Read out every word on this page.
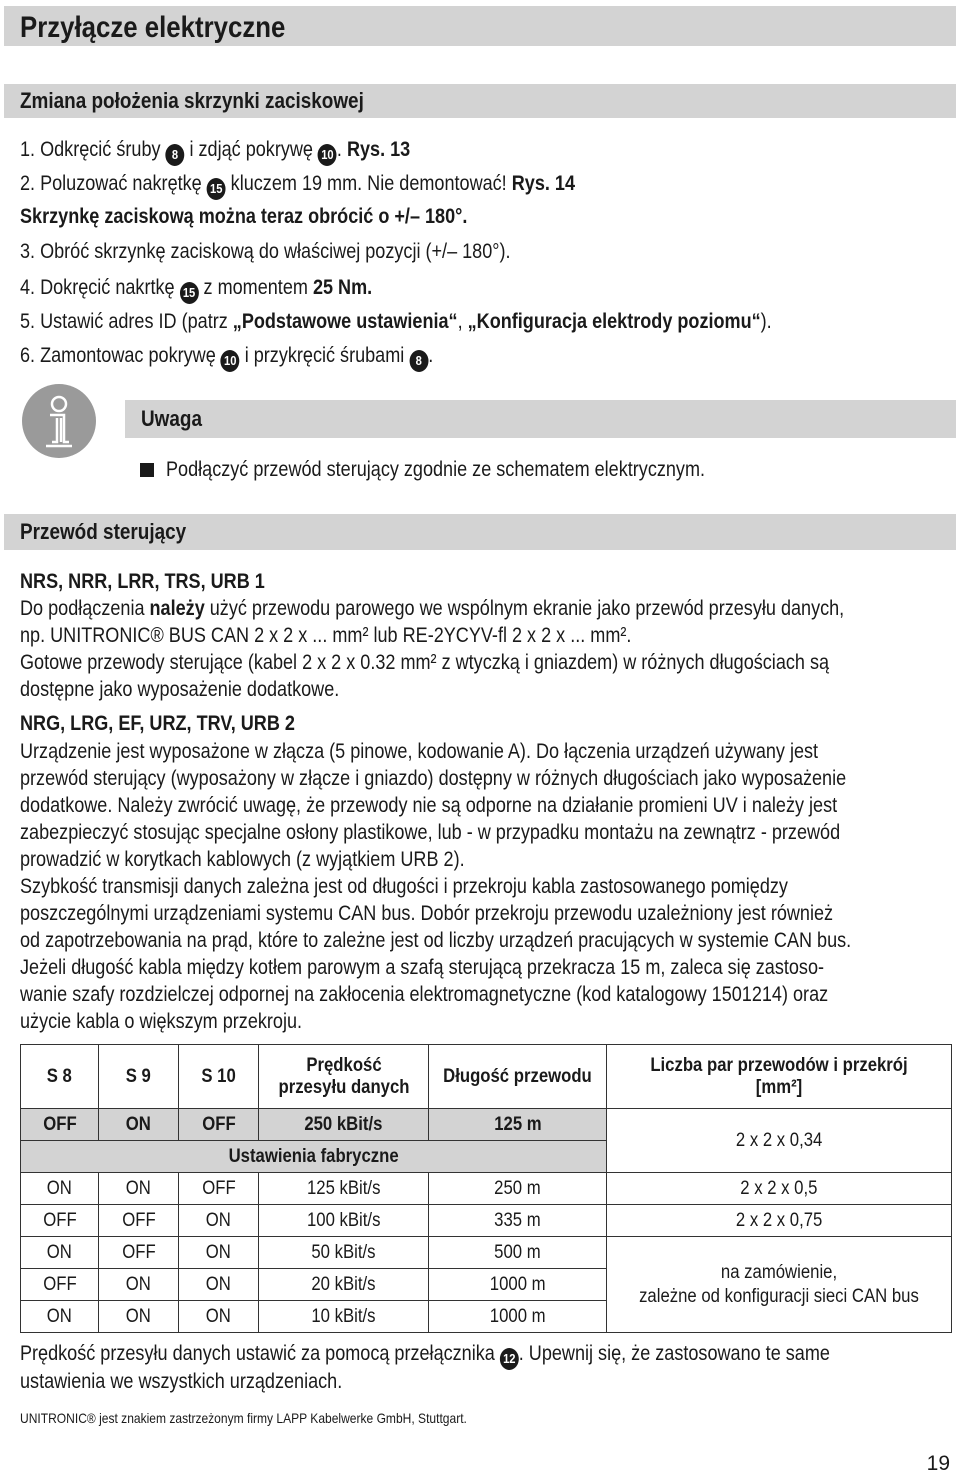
Przyłącze elektryczne
Zmiana położenia skrzynki zaciskowej
1. Odkręcić śruby 8 i zdjąć pokrywę 10 . Rys. 13
2. Poluzować nakrętkę 15 kluczem 19 mm. Nie demontować! Rys. 14
Skrzynkę zaciskową można teraz obrócić o +/– 180°.
3. Obróć skrzynkę zaciskową do właściwej pozycji (+/– 180°).
4. Dokręcić nakrtkę 15 z momentem 25 Nm.
5. Ustawić adres ID (patrz „Podstawowe ustawienia“, „Konfiguracja elektrody poziomu“).
6. Zamontowac pokrywę 10 i przykręcić śrubami 8 .
Uwaga
Podłączyć przewód sterujący zgodnie ze schematem elektrycznym.
Przewód sterujący
NRS, NRR, LRR, TRS, URB 1
Do podłączenia należy użyć przewodu parowego we wspólnym ekranie jako przewód przesyłu danych,
np. UNITRONIC® BUS CAN 2 x 2 x ... mm² lub RE-2YCYV-fl 2 x 2 x ... mm².
Gotowe przewody sterujące (kabel 2 x 2 x 0.32 mm² z wtyczką i gniazdem) w różnych długościach są
dostępne jako wyposażenie dodatkowe.
NRG, LRG, EF, URZ, TRV, URB 2
Urządzenie jest wyposażone w złącza (5 pinowe, kodowanie A). Do łączenia urządzeń używany jest
przewód sterujący (wyposażony w złącze i gniazdo) dostępny w różnych długościach jako wyposażenie
dodatkowe. Należy zwrócić uwagę, że przewody nie są odporne na działanie promieni UV i należy jest
zabezpieczyć stosując specjalne osłony plastikowe, lub - w przypadku montażu na zewnątrz - przewód
prowadzić w korytkach kablowych (z wyjątkiem URB 2).
Szybkość transmisji danych zależna jest od długości i przekroju kabla zastosowanego pomiędzy
poszczególnymi urządzeniami systemu CAN bus. Dobór przekroju przewodu uzależniony jest również
od zapotrzebowania na prąd, które to zależne jest od liczby urządzeń pracujących w systemie CAN bus.
Jeżeli długość kabla między kotłem parowym a szafą sterującą przekracza 15 m, zaleca się zastoso-
wanie szafy rozdzielczej odpornej na zakłocenia elektromagnetyczne (kod katalogowy 1501214) oraz
użycie kabla o większym przekroju.
S 8	S 9	S 10	Prędkość przesyłu danych	Długość przewodu	Liczba par przewodów i przekrój [mm²]
OFF	ON	OFF	250 kBit/s	125 m	2 x 2 x 0,34
Ustawienia fabryczne					
ON	ON	OFF	125 kBit/s	250 m	2 x 2 x 0,5
OFF	OFF	ON	100 kBit/s	335 m	2 x 2 x 0,75
ON	OFF	ON	50 kBit/s	500 m	na zamówienie,
zależne od konfiguracji sieci CAN bus
OFF	ON	ON	20 kBit/s	1000 m	
ON	ON	ON	10 kBit/s	1000 m	
Prędkość przesyłu danych ustawić za pomocą przełącznika 12 . Upewnij się, że zastosowano te same
ustawienia we wszystkich urządzeniach.
UNITRONIC® jest znakiem zastrzeżonym firmy LAPP Kabelwerke GmbH, Stuttgart.
19
